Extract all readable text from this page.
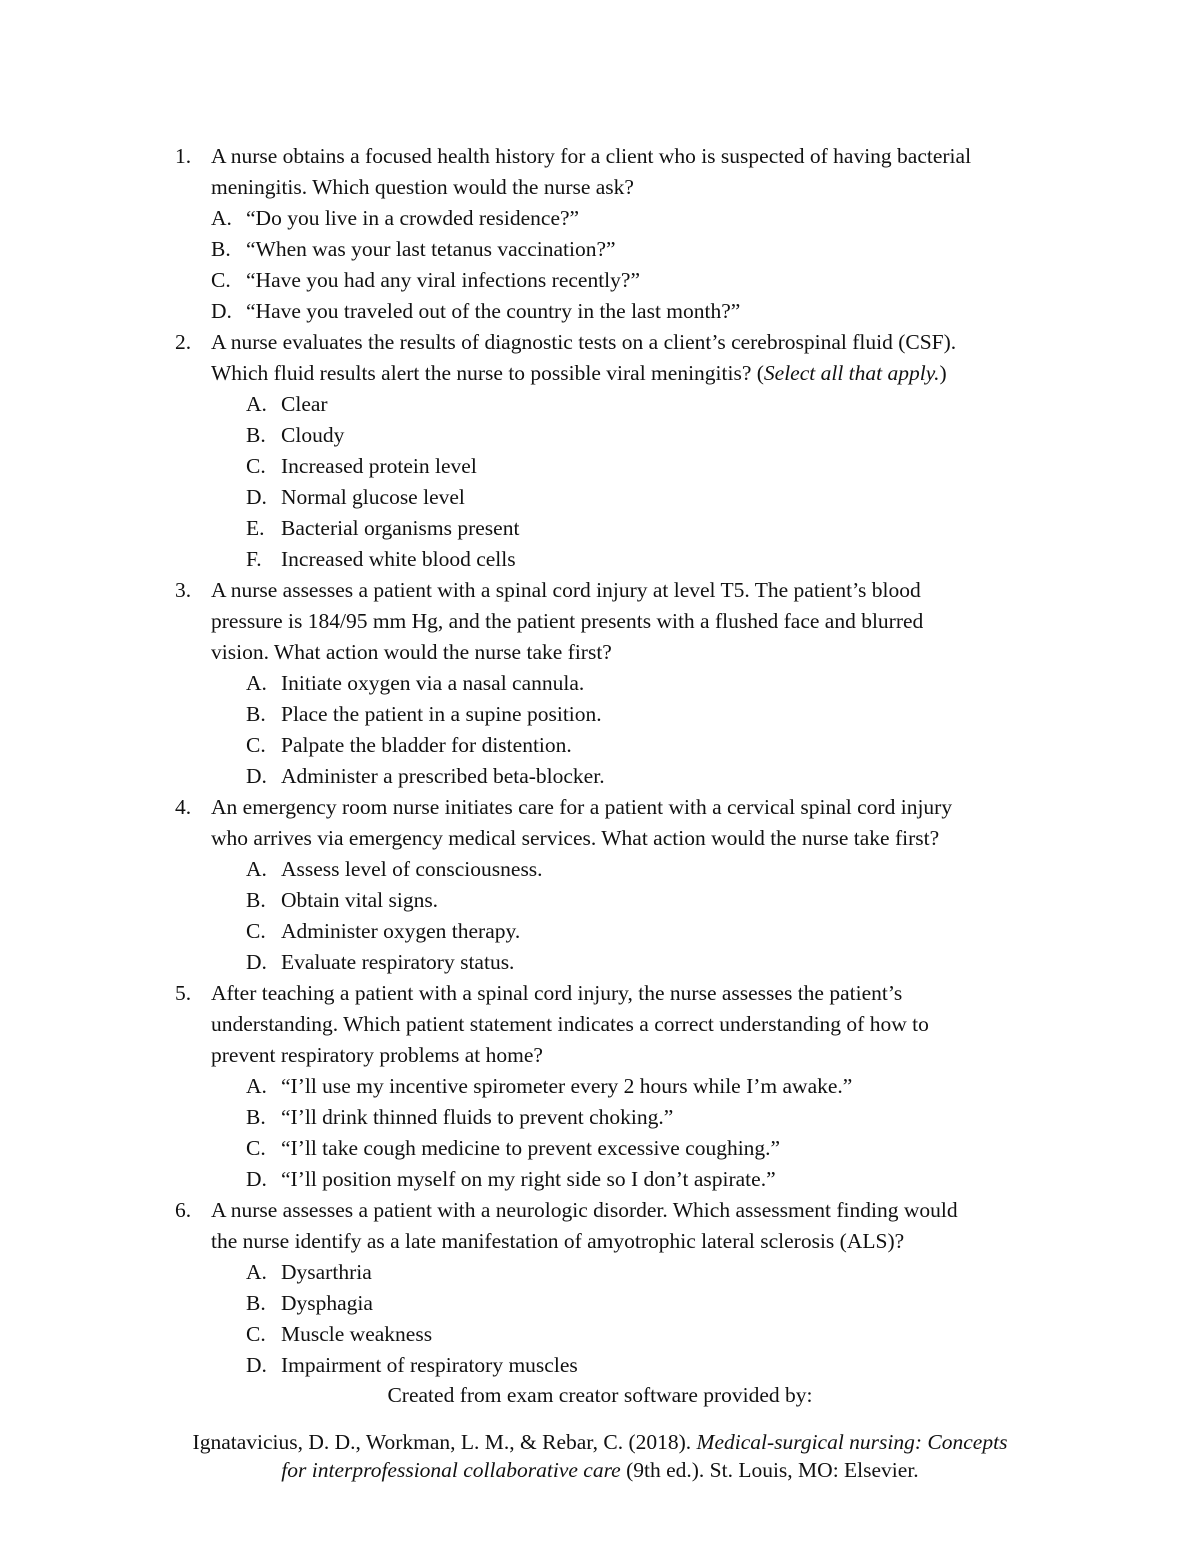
1. A nurse obtains a focused health history for a client who is suspected of having bacterial
meningitis. Which question would the nurse ask?
A. “Do you live in a crowded residence?”
B. “When was your last tetanus vaccination?”
C. “Have you had any viral infections recently?”
D. “Have you traveled out of the country in the last month?”
2. A nurse evaluates the results of diagnostic tests on a client’s cerebrospinal fluid (CSF).
Which fluid results alert the nurse to possible viral meningitis? (Select all that apply.)
A. Clear
B. Cloudy
C. Increased protein level
D. Normal glucose level
E. Bacterial organisms present
F. Increased white blood cells
3. A nurse assesses a patient with a spinal cord injury at level T5. The patient’s blood
pressure is 184/95 mm Hg, and the patient presents with a flushed face and blurred
vision. What action would the nurse take first?
A. Initiate oxygen via a nasal cannula.
B. Place the patient in a supine position.
C. Palpate the bladder for distention.
D. Administer a prescribed beta-blocker.
4. An emergency room nurse initiates care for a patient with a cervical spinal cord injury
who arrives via emergency medical services. What action would the nurse take first?
A. Assess level of consciousness.
B. Obtain vital signs.
C. Administer oxygen therapy.
D. Evaluate respiratory status.
5. After teaching a patient with a spinal cord injury, the nurse assesses the patient’s
understanding. Which patient statement indicates a correct understanding of how to
prevent respiratory problems at home?
A. “I’ll use my incentive spirometer every 2 hours while I’m awake.”
B. “I’ll drink thinned fluids to prevent choking.”
C. “I’ll take cough medicine to prevent excessive coughing.”
D. “I’ll position myself on my right side so I don’t aspirate.”
6. A nurse assesses a patient with a neurologic disorder. Which assessment finding would
the nurse identify as a late manifestation of amyotrophic lateral sclerosis (ALS)?
A. Dysarthria
B. Dysphagia
C. Muscle weakness
D. Impairment of respiratory muscles
Created from exam creator software provided by:
Ignatavicius, D. D., Workman, L. M., & Rebar, C. (2018). Medical-surgical nursing: Concepts
for interprofessional collaborative care (9th ed.). St. Louis, MO: Elsevier.
